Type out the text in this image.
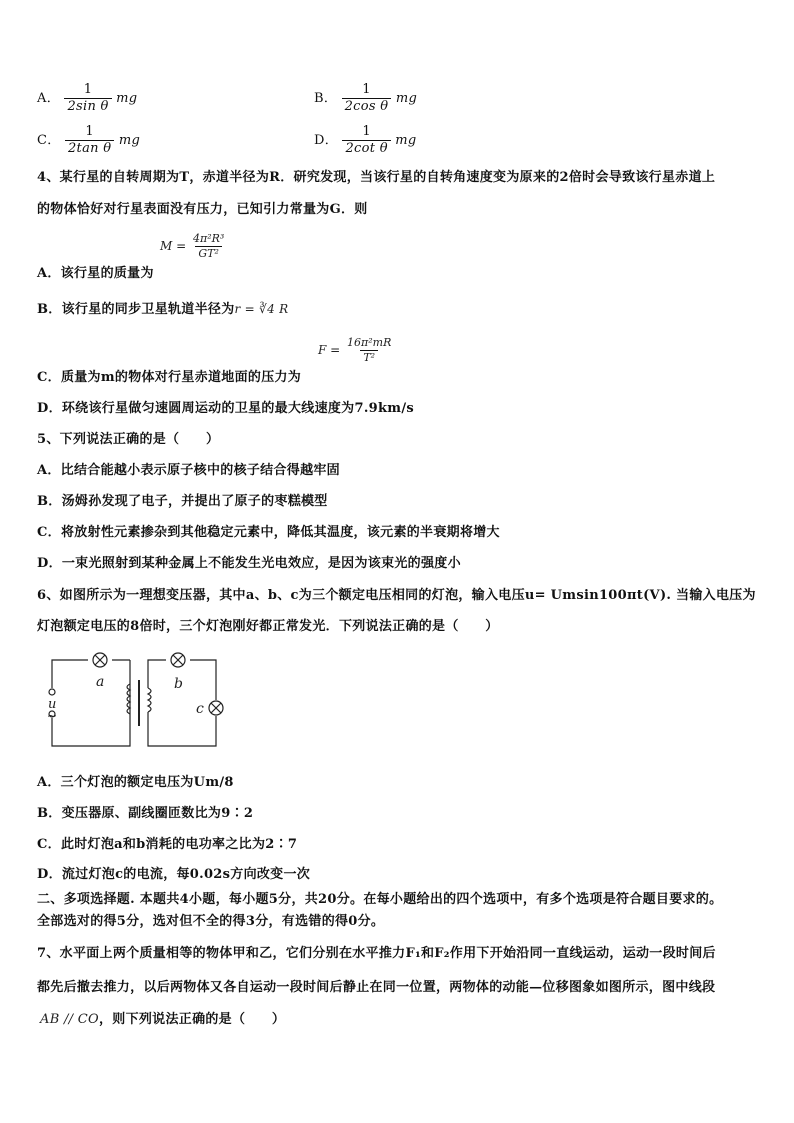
A． $\frac{1}{\text{2sin θ}}$ mg	B． $\frac{1}{\text{2cos θ}}$ mg
C． $\frac{1}{\text{2tan θ}}$ mg	D． $\frac{1}{\text{2cot θ}}$ mg
4、某行星的自转周期为T，赤道半径为R．研究发现，当该行星的自转角速度变为原来的2倍时会导致该行星赤道上
的物体恰好对行星表面没有压力，已知引力常量为G．则
$M = \frac{\text{4π²R³}}{\text{GT²}}$
A．该行星的质量为
B．该行星的同步卫星轨道半径为r = ∛4 R
$F = \frac{\text{16π²mR}}{\text{T²}}$
C．质量为m的物体对行星赤道地面的压力为
D．环绕该行星做匀速圆周运动的卫星的最大线速度为7.9km/s
5、下列说法正确的是（　　）
A．比结合能越小表示原子核中的核子结合得越牢固
B．汤姆孙发现了电子，并提出了原子的枣糕模型
C．将放射性元素掺杂到其他稳定元素中，降低其温度，该元素的半衰期将增大
D．一束光照射到某种金属上不能发生光电效应，是因为该束光的强度小
6、如图所示为一理想变压器，其中a、b、c为三个额定电压相同的灯泡，输入电压u= Umsin100πt(V). 当输入电压为
灯泡额定电压的8倍时，三个灯泡刚好都正常发光．下列说法正确的是（　　）
a	b
c
u
~
A．三个灯泡的额定电压为Um/8
B．变压器原、副线圈匝数比为9∶2
C．此时灯泡a和b消耗的电功率之比为2∶7
D．流过灯泡c的电流，每0.02s方向改变一次
二、多项选择题. 本题共4小题，每小题5分，共20分。在每小题给出的四个选项中，有多个选项是符合题目要求的。
全部选对的得5分，选对但不全的得3分，有选错的得0分。
7、水平面上两个质量相等的物体甲和乙，它们分别在水平推力F₁和F₂作用下开始沿同一直线运动，运动一段时间后
都先后撤去推力，以后两物体又各自运动一段时间后静止在同一位置，两物体的动能—位移图象如图所示，图中线段
AB // CO，则下列说法正确的是（　　）
